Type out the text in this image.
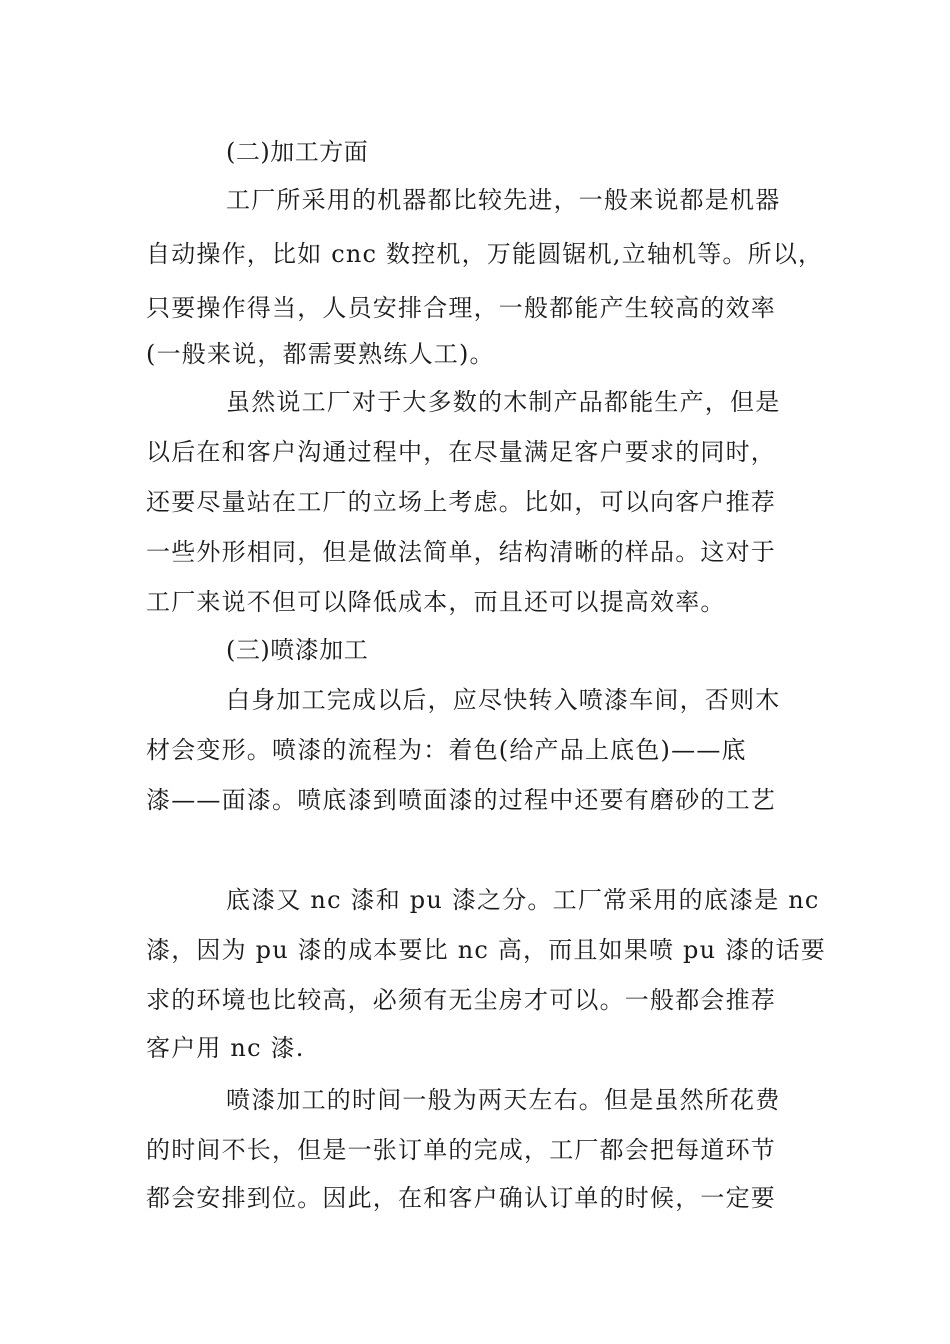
(二)加工方面
工厂所采用的机器都比较先进，一般来说都是机器
自动操作，比如 cnc 数控机，万能圆锯机,立轴机等。所以，
只要操作得当，人员安排合理，一般都能产生较高的效率
(一般来说，都需要熟练人工)。
虽然说工厂对于大多数的木制产品都能生产，但是
以后在和客户沟通过程中，在尽量满足客户要求的同时，
还要尽量站在工厂的立场上考虑。比如，可以向客户推荐
一些外形相同，但是做法简单，结构清晰的样品。这对于
工厂来说不但可以降低成本，而且还可以提高效率。
(三)喷漆加工
白身加工完成以后，应尽快转入喷漆车间，否则木
材会变形。喷漆的流程为：着色(给产品上底色)——底
漆——面漆。喷底漆到喷面漆的过程中还要有磨砂的工艺
底漆又 nc 漆和 pu 漆之分。工厂常采用的底漆是 nc
漆，因为 pu 漆的成本要比 nc 高，而且如果喷 pu 漆的话要
求的环境也比较高，必须有无尘房才可以。一般都会推荐
客户用 nc 漆.
喷漆加工的时间一般为两天左右。但是虽然所花费
的时间不长，但是一张订单的完成，工厂都会把每道环节
都会安排到位。因此，在和客户确认订单的时候，一定要
